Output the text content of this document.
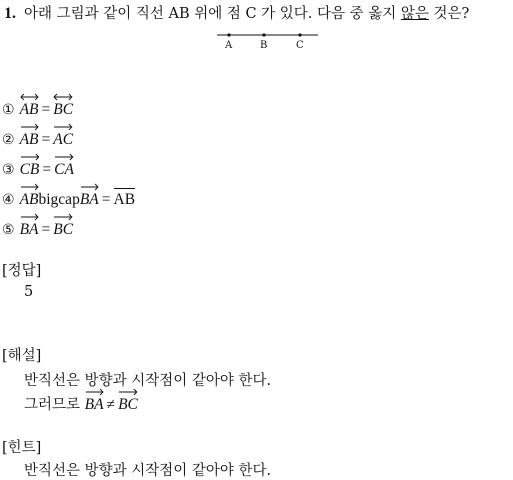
1. 아래 그림과 같이 직선 AB 위에 점 C 가 있다. 다음 중 옳지 않은 것은?
A	B	C
① AB = BC
② AB = AC
③ CB = CA
④ ABbigcap
BA = AB
⑤ BA = BC
[정답]
5
[해설]
반직선은 방향과 시작점이 같아야 한다.
그러므로
BA ≠ BC
[힌트]
반직선은 방향과 시작점이 같아야 한다.
